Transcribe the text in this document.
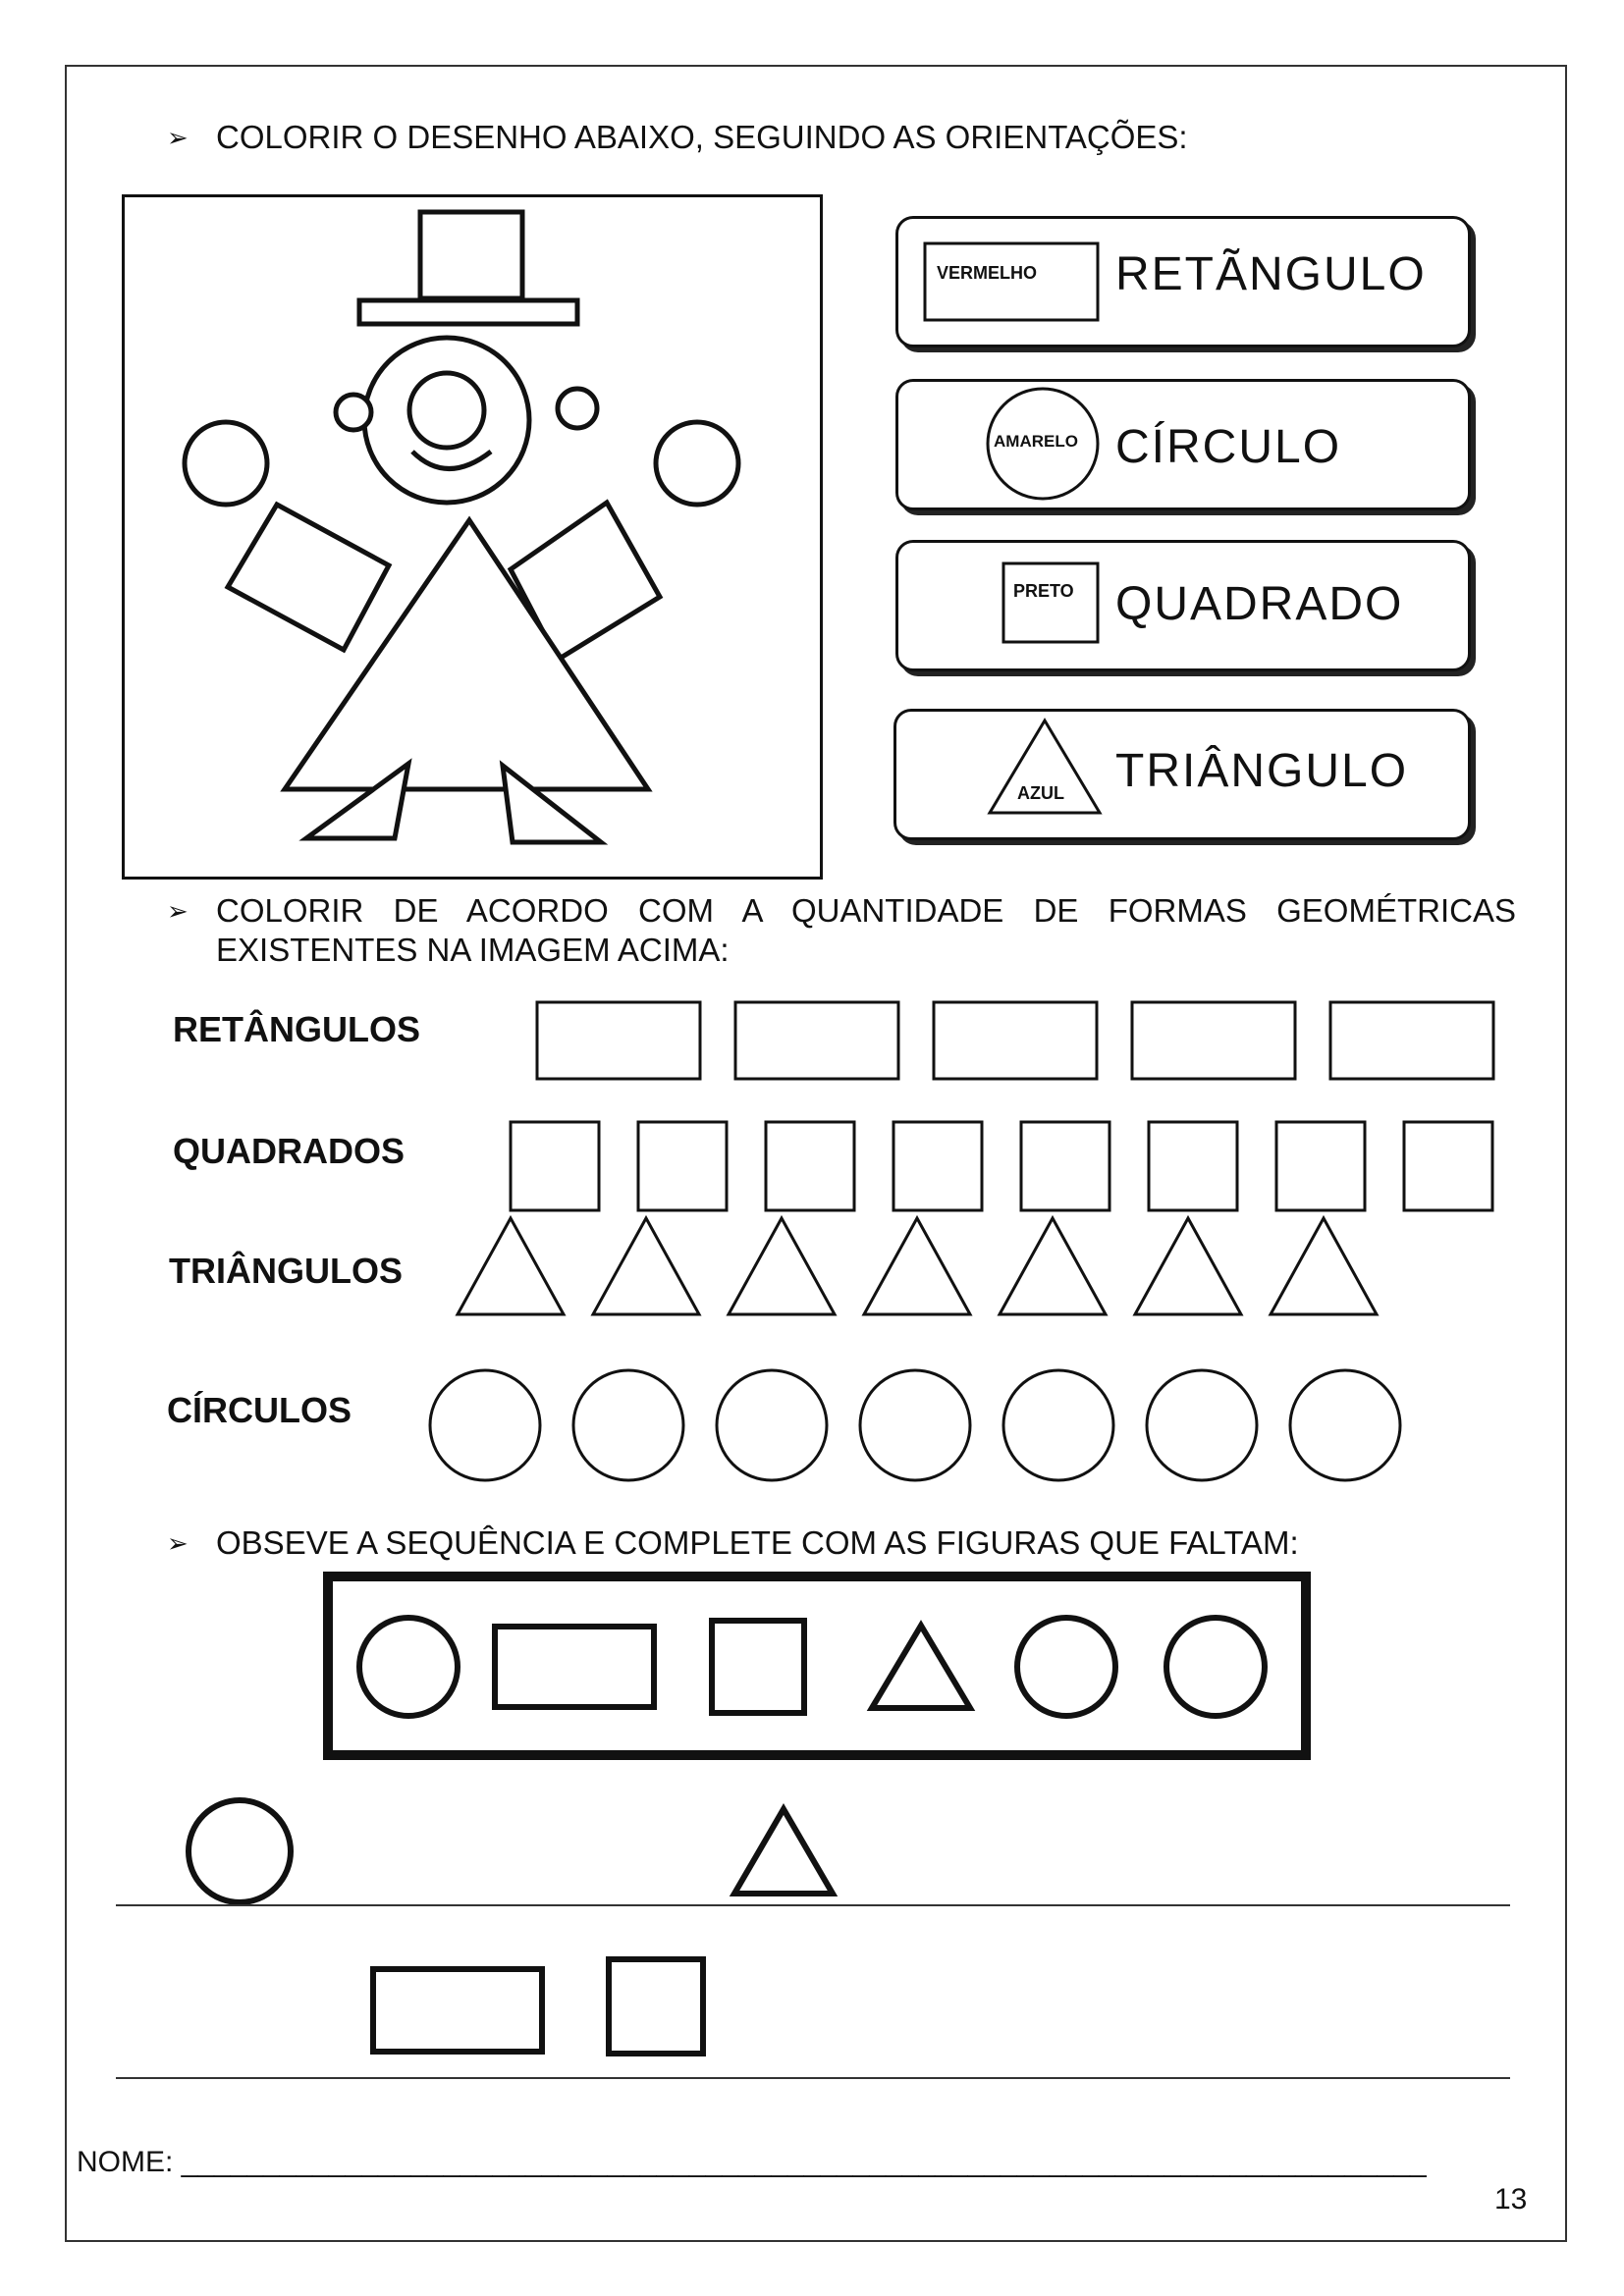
➢ COLORIR O DESENHO ABAIXO, SEGUINDO AS ORIENTAÇÕES:
VERMELHO RETÃNGULO
AMARELO CÍRCULO
PRETO QUADRADO
AZUL TRIÂNGULO
➢ COLORIR DE ACORDO COM A QUANTIDADE DE FORMAS GEOMÉTRICAS
EXISTENTES NA IMAGEM ACIMA:
RETÂNGULOS
QUADRADOS
TRIÂNGULOS
CÍRCULOS
➢ OBSEVE A SEQUÊNCIA E COMPLETE COM AS FIGURAS QUE FALTAM:
NOME: ____________________________________________________________________________
13
